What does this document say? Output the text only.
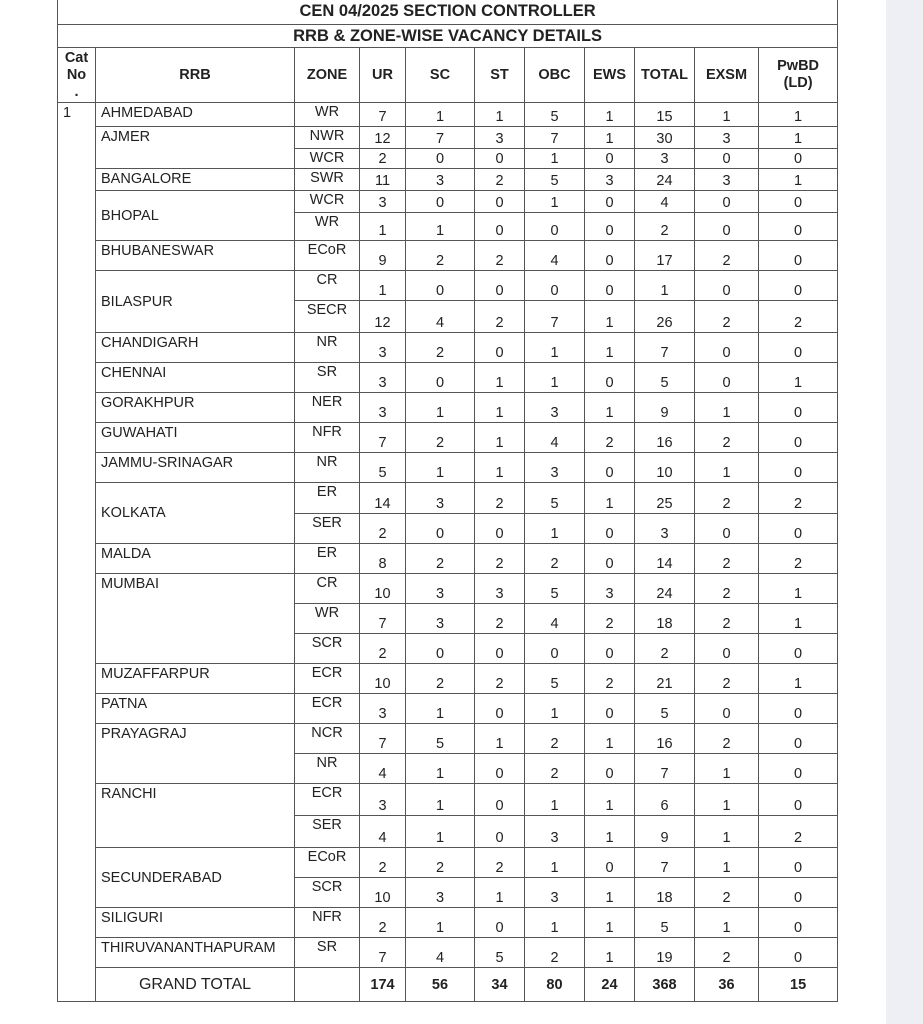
CEN 04/2025 SECTION CONTROLLER										
RRB & ZONE-WISE VACANCY DETAILS										
Cat
No
.	RRB	ZONE	UR	SC	ST	OBC	EWS	TOTAL	EXSM	PwBD
(LD)
1	AHMEDABAD	WR	7	1	1	5	1	15	1	1
	AJMER	NWR	12	7	3	7	1	30	3	1
		WCR	2	0	0	1	0	3	0	0
	BANGALORE	SWR	11	3	2	5	3	24	3	1
	BHOPAL	WCR	3	0	0	1	0	4	0	0
		WR	1	1	0	0	0	2	0	0
	BHUBANESWAR	ECoR	9	2	2	4	0	17	2	0
	BILASPUR	CR	1	0	0	0	0	1	0	0
		SECR	12	4	2	7	1	26	2	2
	CHANDIGARH	NR	3	2	0	1	1	7	0	0
	CHENNAI	SR	3	0	1	1	0	5	0	1
	GORAKHPUR	NER	3	1	1	3	1	9	1	0
	GUWAHATI	NFR	7	2	1	4	2	16	2	0
	JAMMU-SRINAGAR	NR	5	1	1	3	0	10	1	0
	KOLKATA	ER	14	3	2	5	1	25	2	2
		SER	2	0	0	1	0	3	0	0
	MALDA	ER	8	2	2	2	0	14	2	2
	MUMBAI	CR	10	3	3	5	3	24	2	1
		WR	7	3	2	4	2	18	2	1
		SCR	2	0	0	0	0	2	0	0
	MUZAFFARPUR	ECR	10	2	2	5	2	21	2	1
	PATNA	ECR	3	1	0	1	0	5	0	0
	PRAYAGRAJ	NCR	7	5	1	2	1	16	2	0
		NR	4	1	0	2	0	7	1	0
	RANCHI	ECR	3	1	0	1	1	6	1	0
		SER	4	1	0	3	1	9	1	2
	SECUNDERABAD	ECoR	2	2	2	1	0	7	1	0
		SCR	10	3	1	3	1	18	2	0
	SILIGURI	NFR	2	1	0	1	1	5	1	0
	THIRUVANANTHAPURAM	SR	7	4	5	2	1	19	2	0
	GRAND TOTAL		174	56	34	80	24	368	36	15
